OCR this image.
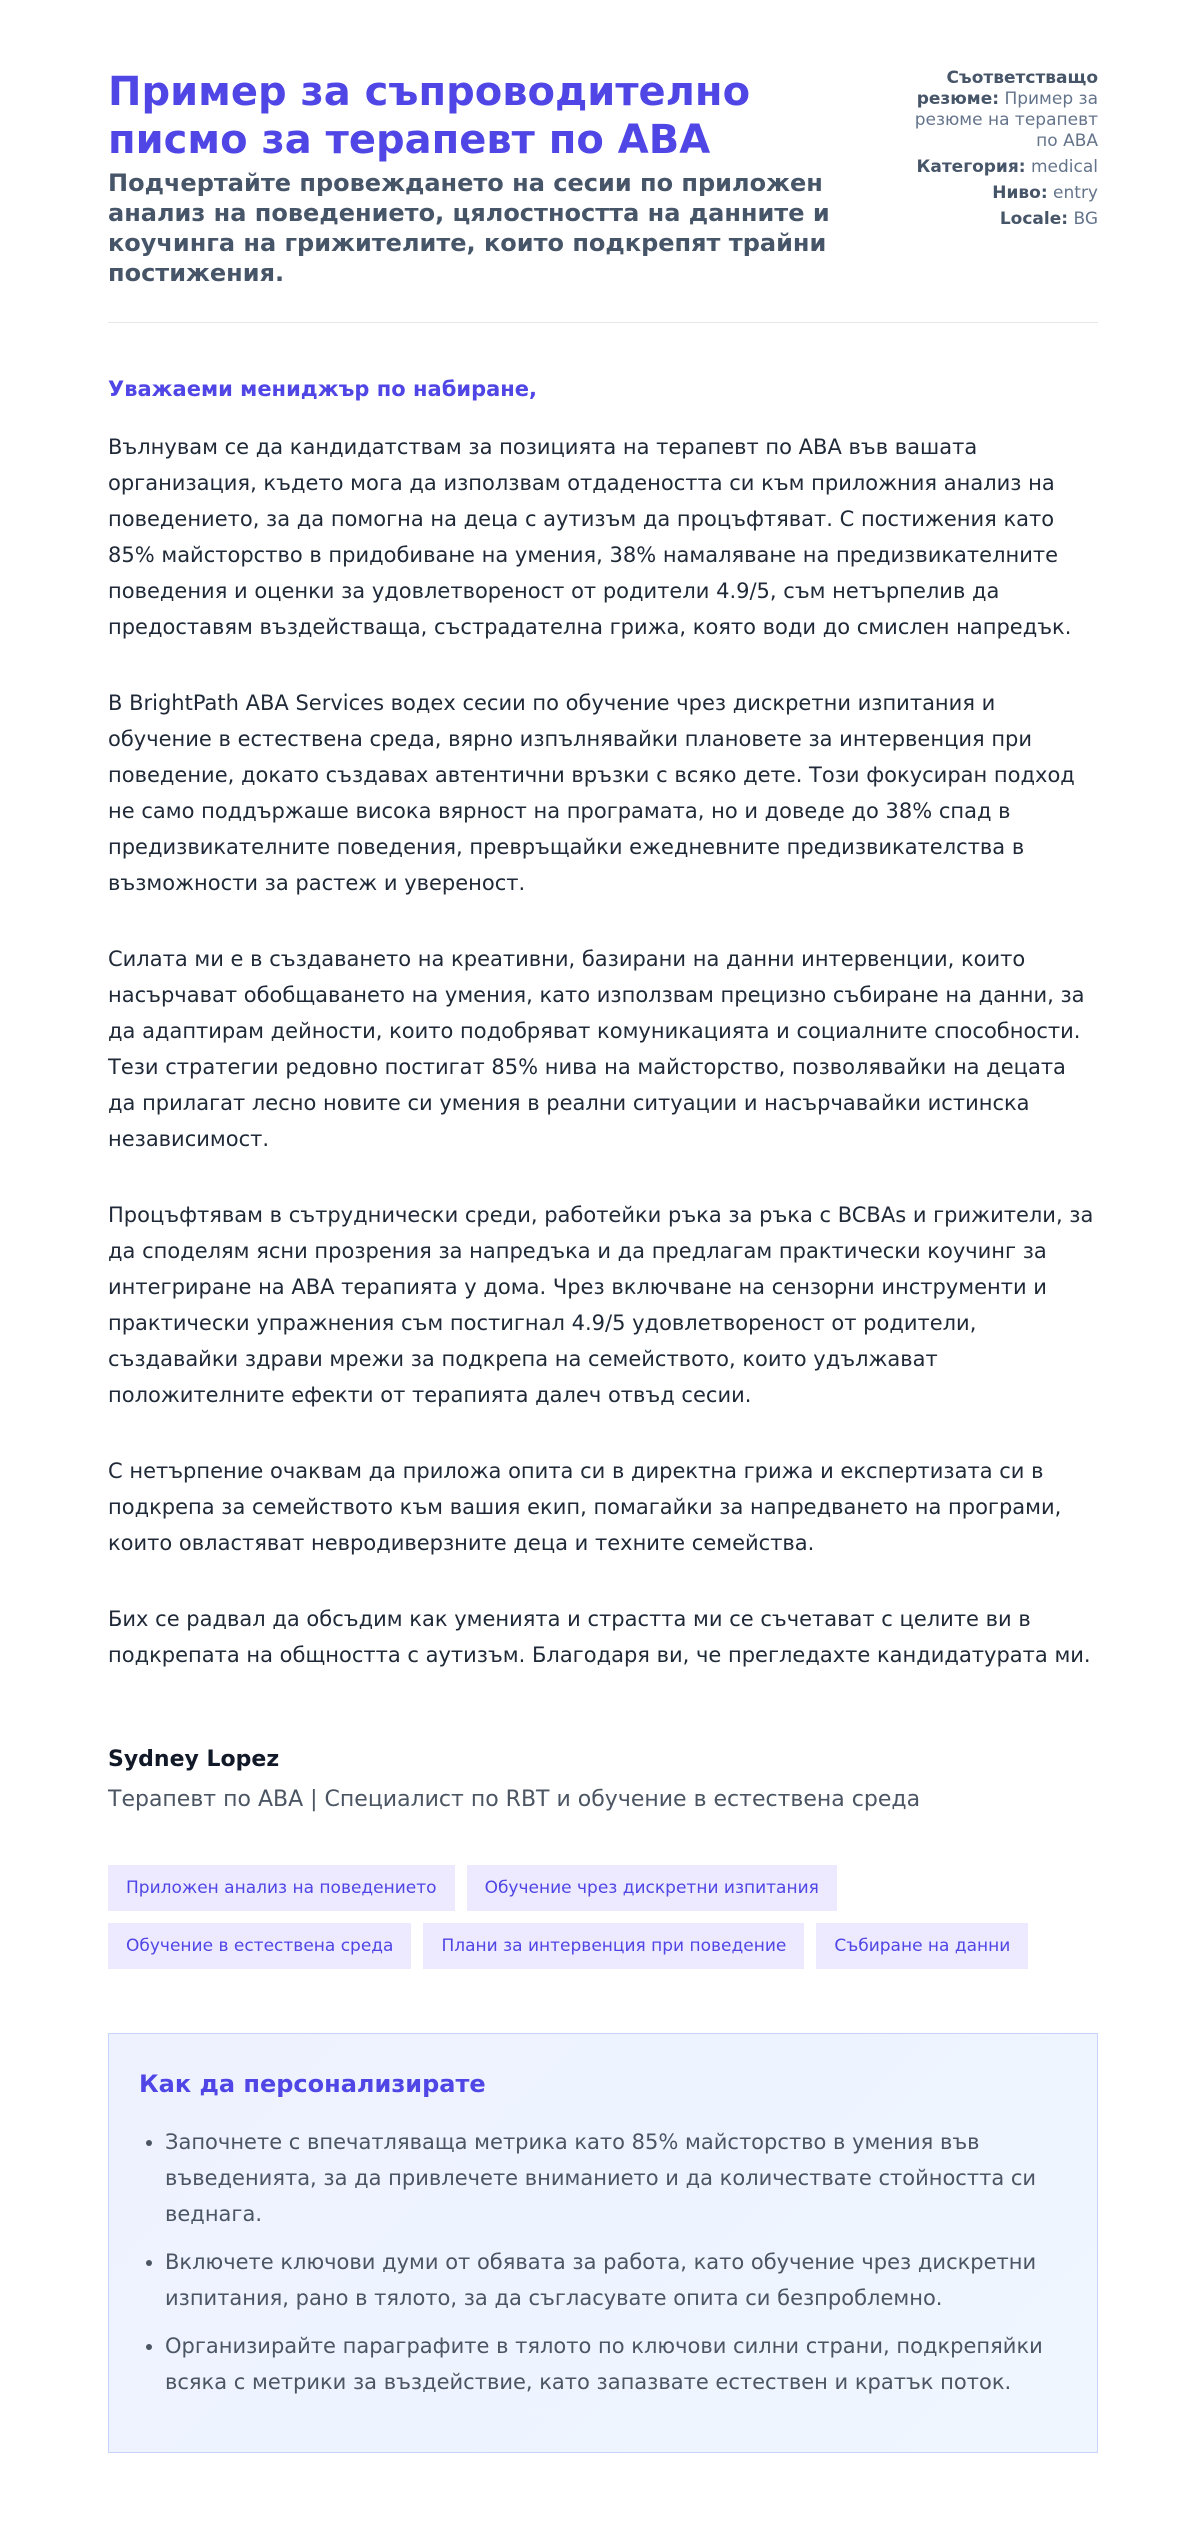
Пример за съпроводително писмо за терапевт по ABA
Подчертайте провеждането на сесии по приложен анализ на поведението, цялостността на данните и коучинга на грижителите, които подкрепят трайни постижения.
Съответстващо резюме: Пример за резюме на терапевт по ABA
Категория: medical
Ниво: entry
Locale: BG
Уважаеми мениджър по набиране,

Вълнувам се да кандидатствам за позицията на терапевт по ABA във вашата организация, където мога да използвам отдадеността си към приложния анализ на поведението, за да помогна на деца с аутизъм да процъфтяват. С постижения като 85% майсторство в придобиване на умения, 38% намаляване на предизвикателните поведения и оценки за удовлетвореност от родители 4.9/5, съм нетърпелив да предоставям въздействаща, състрадателна грижа, която води до смислен напредък.

В BrightPath ABA Services водех сесии по обучение чрез дискретни изпитания и обучение в естествена среда, вярно изпълнявайки плановете за интервенция при поведение, докато създавах автентични връзки с всяко дете. Този фокусиран подход не само поддържаше висока вярност на програмата, но и доведе до 38% спад в предизвикателните поведения, превръщайки ежедневните предизвикателства в възможности за растеж и увереност.

Силата ми е в създаването на креативни, базирани на данни интервенции, които насърчават обобщаването на умения, като използвам прецизно събиране на данни, за да адаптирам дейности, които подобряват комуникацията и социалните способности. Тези стратегии редовно постигат 85% нива на майсторство, позволявайки на децата да прилагат лесно новите си умения в реални ситуации и насърчавайки истинска независимост.

Процъфтявам в сътруднически среди, работейки ръка за ръка с BCBAs и грижители, за да споделям ясни прозрения за напредъка и да предлагам практически коучинг за интегриране на ABA терапията у дома. Чрез включване на сензорни инструменти и практически упражнения съм постигнал 4.9/5 удовлетвореност от родители, създавайки здрави мрежи за подкрепа на семейството, които удължават положителните ефекти от терапията далеч отвъд сесии.

С нетърпение очаквам да приложа опита си в директна грижа и експертизата си в подкрепа за семейството към вашия екип, помагайки за напредването на програми, които овластяват невродиверзните деца и техните семейства.

Бих се радвал да обсъдим как уменията и страстта ми се съчетават с целите ви в подкрепата на общността с аутизъм. Благодаря ви, че прегледахте кандидатурата ми.

Sydney Lopez
Терапевт по ABA | Специалист по RBT и обучение в естествена среда
Приложен анализ на поведението	Обучение чрез дискретни изпитания
Обучение в естествена среда	Плани за интервенция при поведение	Събиране на данни
Как да персонализирате
• Започнете с впечатляваща метрика като 85% майсторство в умения във въведенията, за да привлечете вниманието и да количествате стойността си веднага.
• Включете ключови думи от обявата за работа, като обучение чрез дискретни изпитания, рано в тялото, за да съгласувате опита си безпроблемно.
• Организирайте параграфите в тялото по ключови силни страни, подкрепяйки всяка с метрики за въздействие, като запазвате естествен и кратък поток.
